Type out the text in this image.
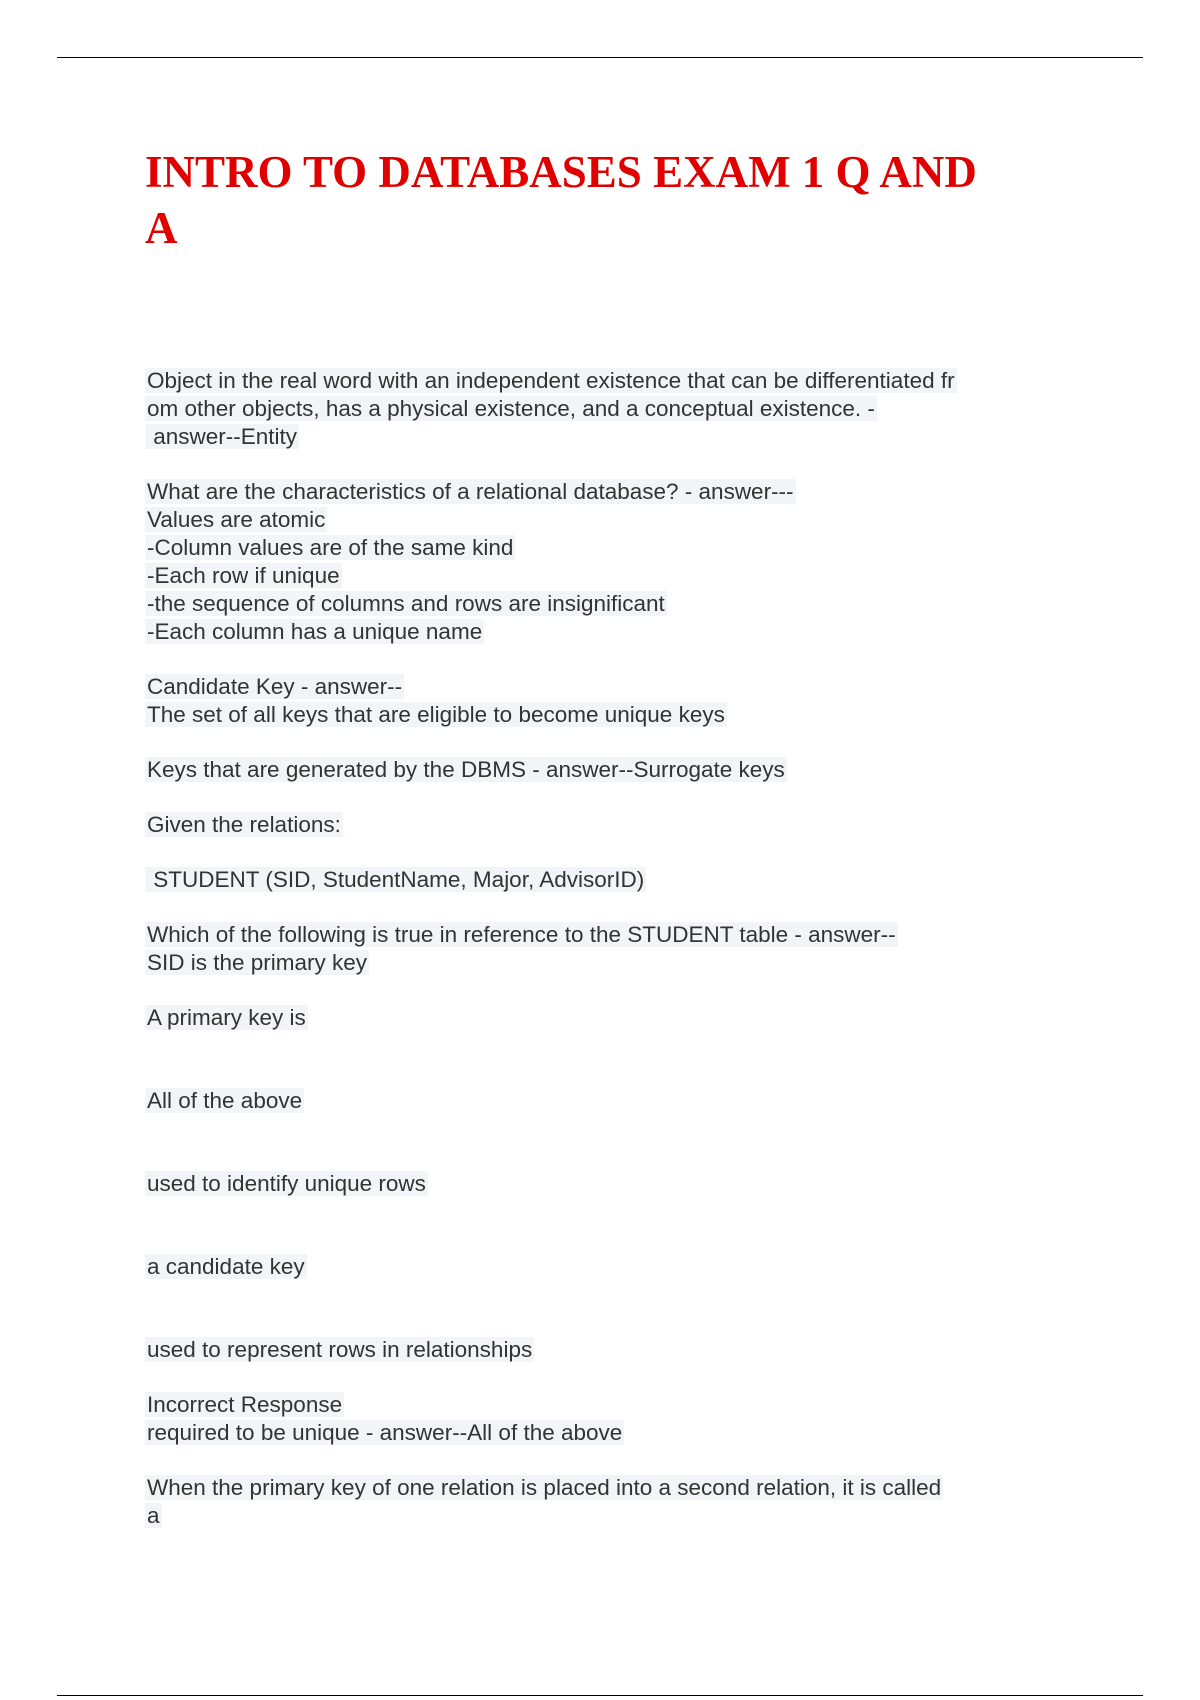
INTRO TO DATABASES EXAM 1 Q AND
A
Object in the real word with an independent existence that can be differentiated fr
om other objects, has a physical existence, and a conceptual existence. -
answer--Entity
What are the characteristics of a relational database? - answer---
Values are atomic
-Column values are of the same kind
-Each row if unique
-the sequence of columns and rows are insignificant
-Each column has a unique name
Candidate Key - answer--
The set of all keys that are eligible to become unique keys
Keys that are generated by the DBMS - answer--Surrogate keys
Given the relations:
STUDENT (SID, StudentName, Major, AdvisorID)
Which of the following is true in reference to the STUDENT table - answer--
SID is the primary key
A primary key is
All of the above
used to identify unique rows
a candidate key
used to represent rows in relationships
Incorrect Response
required to be unique - answer--All of the above
When the primary key of one relation is placed into a second relation, it is called
a
